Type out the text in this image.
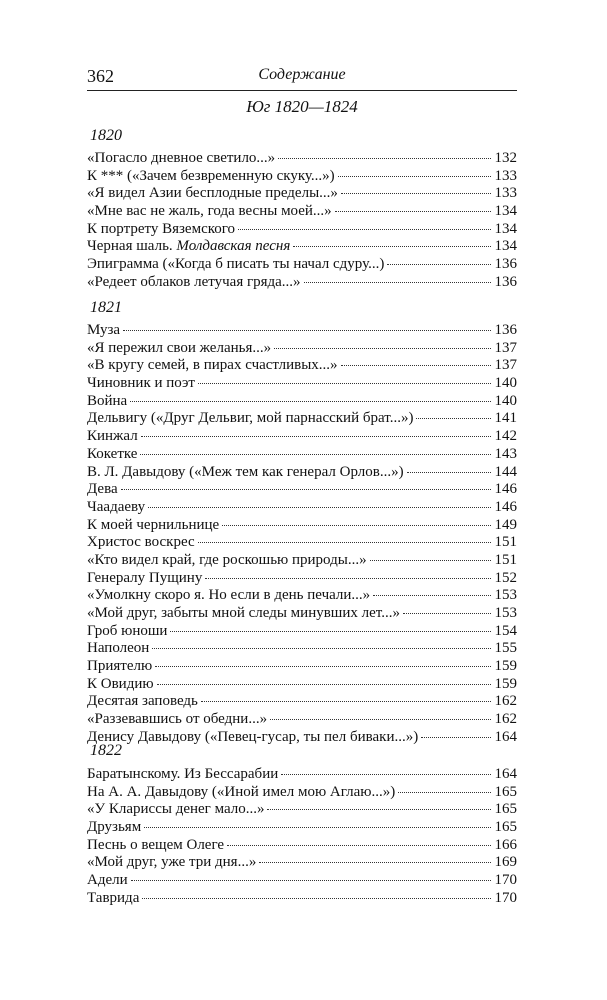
362	Содержание
Юг 1820—1824
1820
«Погасло дневное светило...»	132
К *** («Зачем безвременную скуку...»)	133
«Я видел Азии бесплодные пределы...»	133
«Мне вас не жаль, года весны моей...»	134
К портрету Вяземского	134
Черная шаль. Молдавская песня	134
Эпиграмма («Когда б писать ты начал сдуру...)	136
«Редеет облаков летучая гряда...»	136
1821
Муза	136
«Я пережил свои желанья...»	137
«В кругу семей, в пирах счастливых...»	137
Чиновник и поэт	140
Война	140
Дельвигу («Друг Дельвиг, мой парнасский брат...»)	141
Кинжал	142
Кокетке	143
В. Л. Давыдову («Меж тем как генерал Орлов...»)	144
Дева	146
Чаадаеву	146
К моей чернильнице	149
Христос воскрес	151
«Кто видел край, где роскошью природы...»	151
Генералу Пущину	152
«Умолкну скоро я. Но если в день печали...»	153
«Мой друг, забыты мной следы минувших лет...»	153
Гроб юноши	154
Наполеон	155
Приятелю	159
К Овидию	159
Десятая заповедь	162
«Раззевавшись от обедни...»	162
Денису Давыдову («Певец-гусар, ты пел биваки...»)	164
1822
Баратынскому. Из Бессарабии	164
На А. А. Давыдову («Иной имел мою Аглаю...»)	165
«У Клариссы денег мало...»	165
Друзьям	165
Песнь о вещем Олеге	166
«Мой друг, уже три дня...»	169
Адели	170
Таврида	170
